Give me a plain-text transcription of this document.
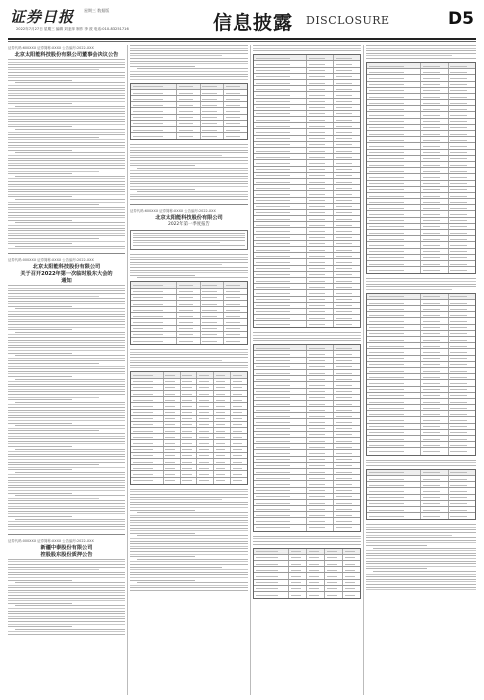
证券日报 星期三 数据版
2022年7月27日 星期三 编辑 刘亚萍 制作 李 波 电话:010-83251716	信息披露 DISCLOSURE	D5
证券代码:600XXX 证券简称:XXXX 公告编号:2022-XXX
北京太阳能科技股份有限公司董事会决议公告
证券代码:000XXX 证券简称:XXXX 公告编号:2022-XXX
北京太阳能科技股份有限公司
关于召开2022年第一次临时股东大会的
通知
证券代码:000XXX 证券简称:XXXX 公告编号:2022-XXX
新疆中泰股份有限公司
控股股东股份质押公告
证券代码:600XXX 证券简称:XXXX 公告编号:2022-XXX
北京太阳能科技股份有限公司
2022年第一季度报告
